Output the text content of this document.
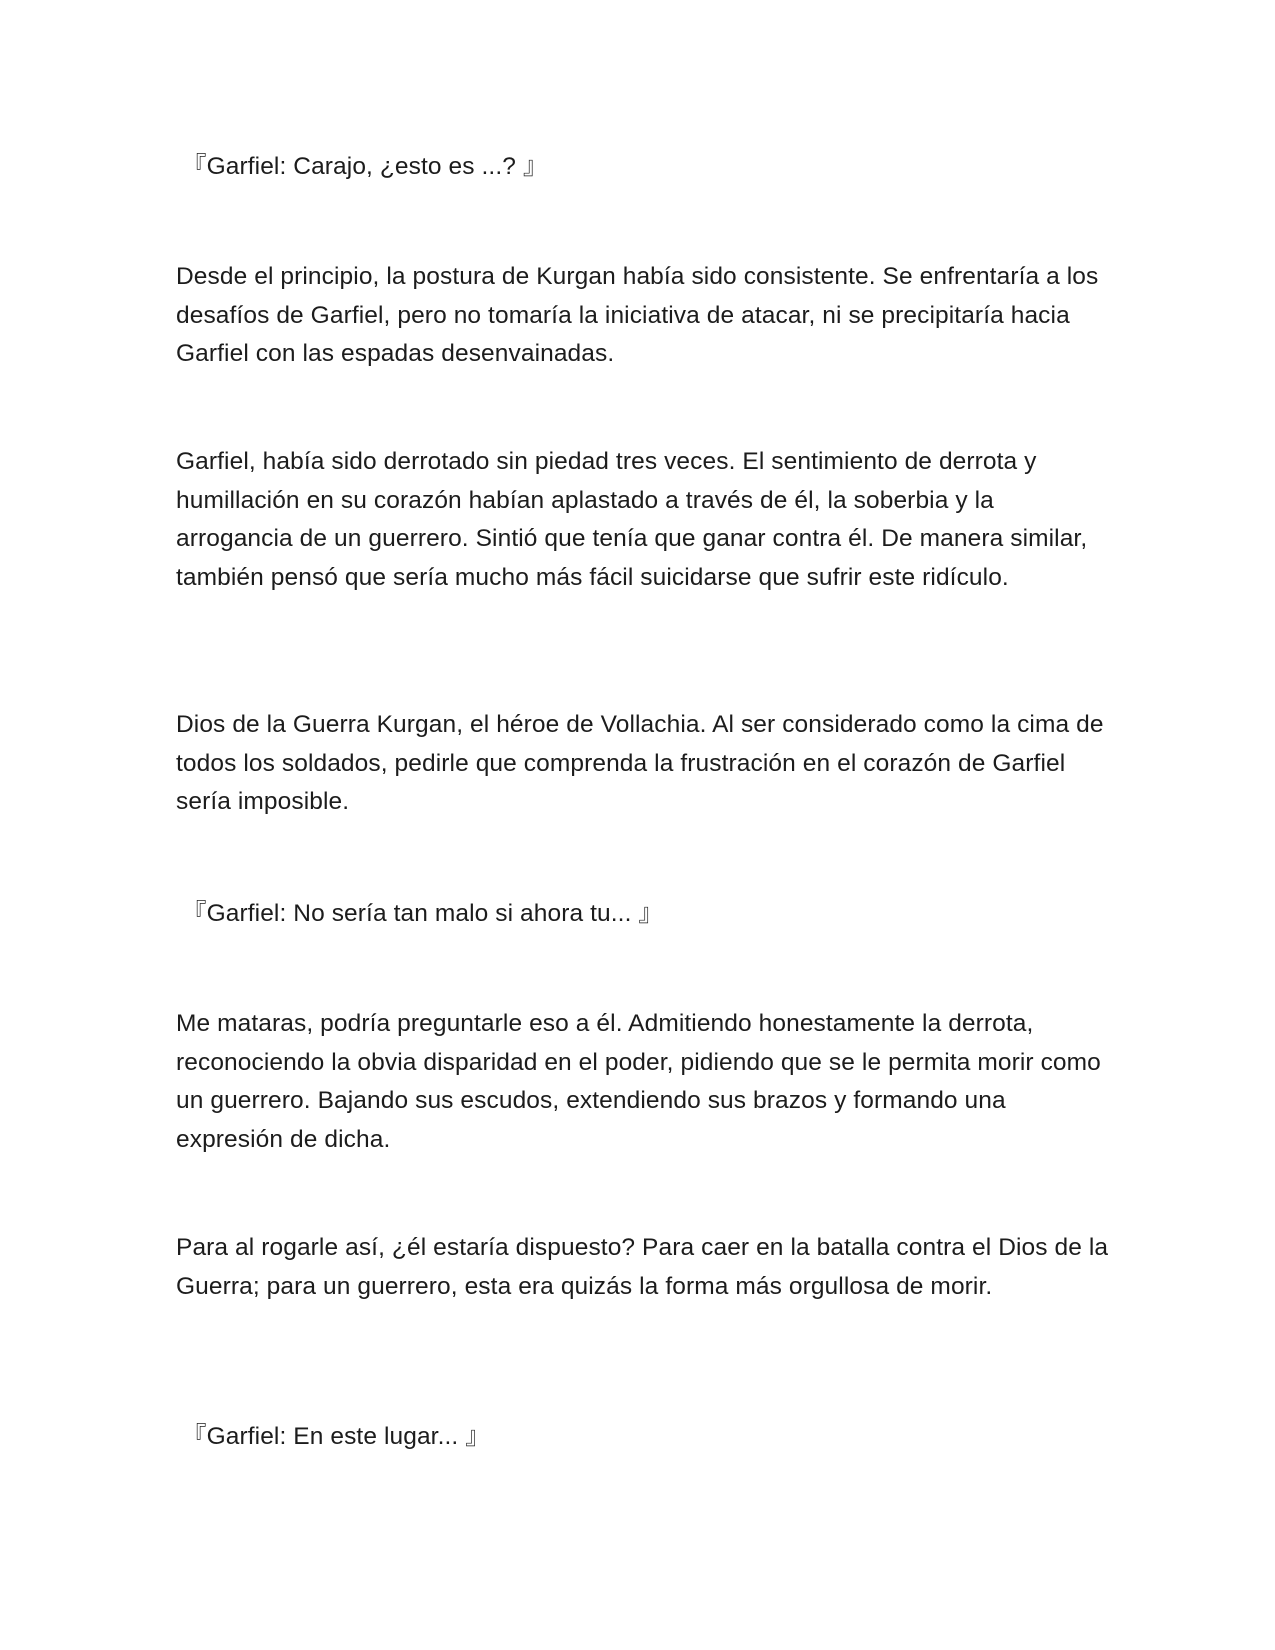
『Garfiel: Carajo, ¿esto es ...? 』

Desde el principio, la postura de Kurgan había sido consistente. Se enfrentaría a los desafíos de Garfiel, pero no tomaría la iniciativa de atacar, ni se precipitaría hacia Garfiel con las espadas desenvainadas.

Garfiel, había sido derrotado sin piedad tres veces. El sentimiento de derrota y humillación en su corazón habían aplastado a través de él, la soberbia y la arrogancia de un guerrero. Sintió que tenía que ganar contra él. De manera similar, también pensó que sería mucho más fácil suicidarse que sufrir este ridículo.

Dios de la Guerra Kurgan, el héroe de Vollachia. Al ser considerado como la cima de todos los soldados, pedirle que comprenda la frustración en el corazón de Garfiel sería imposible.

『Garfiel: No sería tan malo si ahora tu... 』

Me mataras, podría preguntarle eso a él. Admitiendo honestamente la derrota, reconociendo la obvia disparidad en el poder, pidiendo que se le permita morir como un guerrero. Bajando sus escudos, extendiendo sus brazos y formando una expresión de dicha.

Para al rogarle así, ¿él estaría dispuesto? Para caer en la batalla contra el Dios de la Guerra; para un guerrero, esta era quizás la forma más orgullosa de morir.

『Garfiel: En este lugar... 』
